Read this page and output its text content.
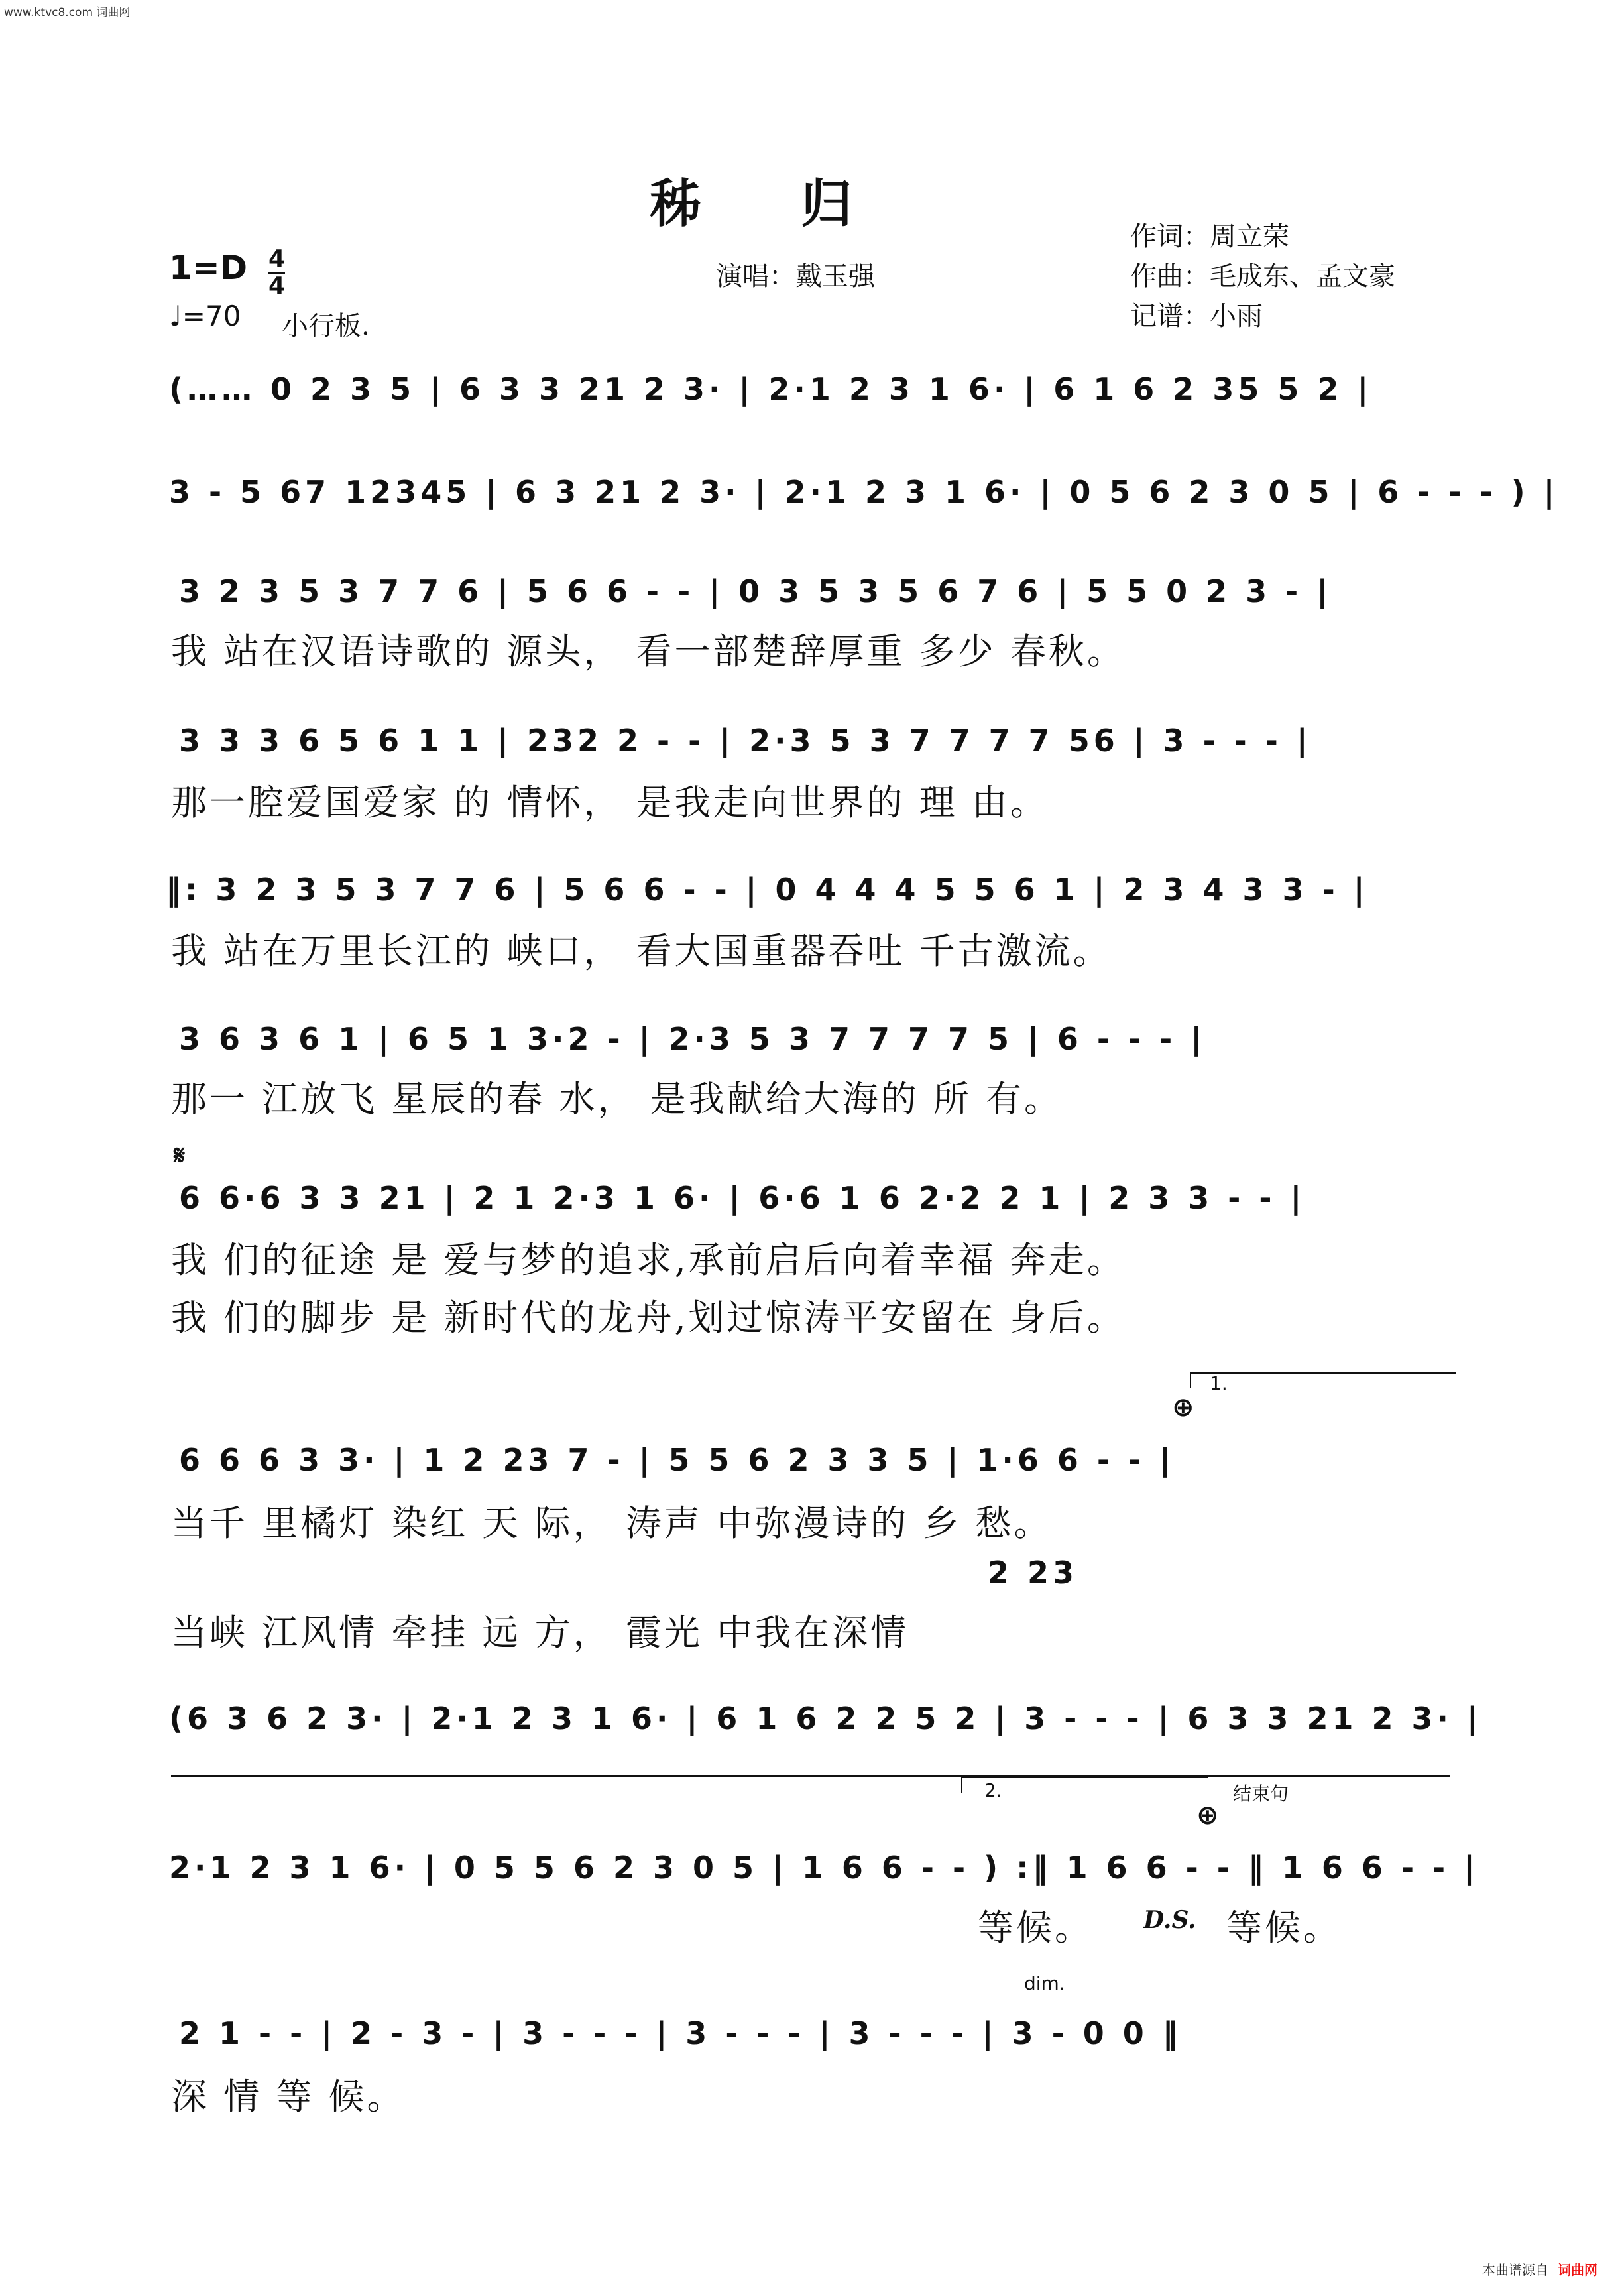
www.ktvc8.com 词曲网
秭归
演唱：戴玉强
作词：周立荣
作曲：毛成东、孟文豪
记谱：小雨
1=D 4
4
♩=70 小行板.
(…… 0 2 3 5 | 6 3 3 21 2 3· | 2·1 2 3 1 6· | 6 1 6 2 35 5 2 |
3 - 5 67 12345 | 6 3 21 2 3· | 2·1 2 3 1 6· | 0 5 6 2 3 0 5 | 6 - - - ) |
3 2 3 5 3 7 7 6 | 5 6 6 - - | 0 3 5 3 5 6 7 6 | 5 5 0 2 3 - |
我 站在汉语诗歌的 源头， 看一部楚辞厚重 多少 春秋。
3 3 3 6 5 6 1 1 | 232 2 - - | 2·3 5 3 7 7 7 7 56 | 3 - - - |
那一腔爱国爱家 的 情怀， 是我走向世界的 理 由。
‖: 3 2 3 5 3 7 7 6 | 5 6 6 - - | 0 4 4 4 5 5 6 1 | 2 3 4 3 3 - |
我 站在万里长江的 峡口， 看大国重器吞吐 千古激流。
3 6 3 6 1 | 6 5 1 3·2 - | 2·3 5 3 7 7 7 7 5 | 6 - - - |
那一 江放飞 星辰的春 水， 是我献给大海的 所 有。
𝄋
6 6·6 3 3 21 | 2 1 2·3 1 6· | 6·6 1 6 2·2 2 1 | 2 3 3 - - |
我 们的征途 是 爱与梦的追求,承前启后向着幸福 奔走。
我 们的脚步 是 新时代的龙舟,划过惊涛平安留在 身后。
1.
⊕
6 6 6 3 3· | 1 2 23 7 - | 5 5 6 2 3 3 5 | 1·6 6 - - |
当千 里橘灯 染红 天 际， 涛声 中弥漫诗的 乡 愁。
2 23
当峡 江风情 牵挂 远 方， 霞光 中我在深情
(6 3 6 2 3· | 2·1 2 3 1 6· | 6 1 6 2 2 5 2 | 3 - - - | 6 3 3 21 2 3· |
2.	结束句
⊕
2·1 2 3 1 6· | 0 5 5 6 2 3 0 5 | 1 6 6 - - ) :‖ 1 6 6 - - ‖ 1 6 6 - - |
等候。 D.S. 等候。
dim.
2 1 - - | 2 - 3 - | 3 - - - | 3 - - - | 3 - - - | 3 - 0 0 ‖
深 情 等 候。
本曲谱源自 词曲网
